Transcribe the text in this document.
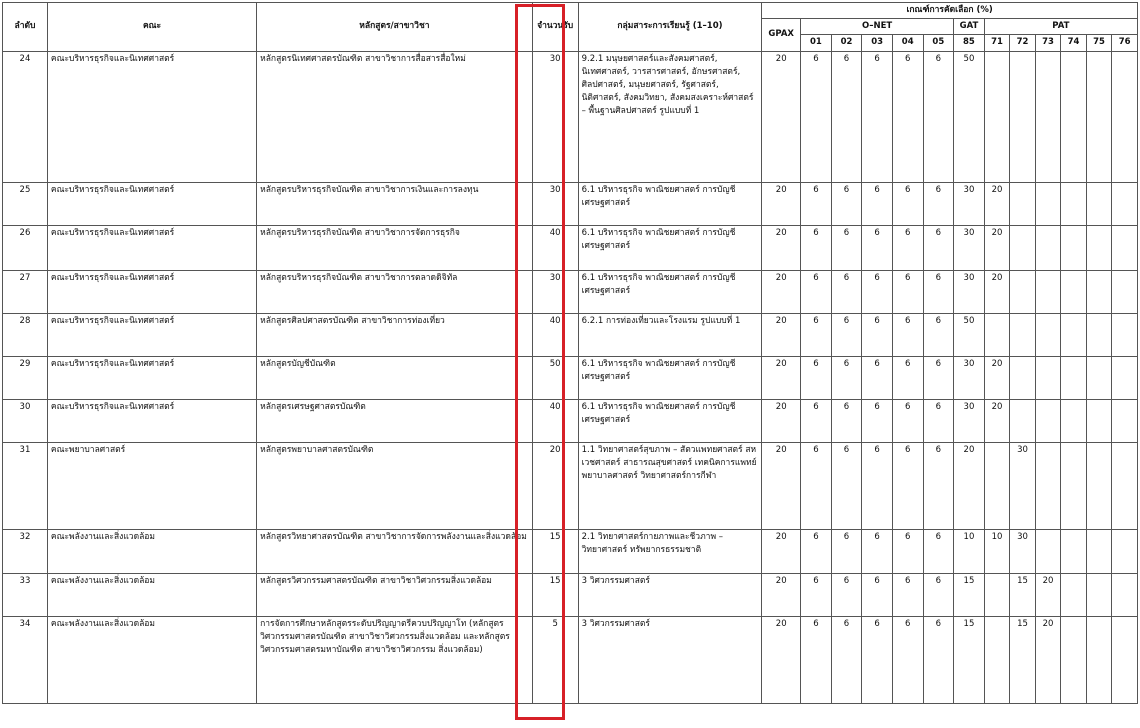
ลำดับ	คณะ	หลักสูตร/สาขาวิชา	จำนวนรับ	กลุ่มสาระการเรียนรู้ (1–10)	เกณฑ์การคัดเลือก (%)												
					GPAX	O–NET					GAT	PAT					
						01	02	03	04	05	85	71	72	73	74	75	76
24	คณะบริหารธุรกิจและนิเทศศาสตร์	หลักสูตรนิเทศศาสตรบัณฑิต สาขาวิชาการสื่อสารสื่อใหม่	30	9.2.1 มนุษยศาสตร์และสังคมศาสตร์, นิเทศศาสตร์, วารสารศาสตร์, อักษรศาสตร์, ศิลปศาสตร์, มนุษยศาสตร์, รัฐศาสตร์, นิติศาสตร์, สังคมวิทยา, สังคมสงเคราะห์ศาสตร์ – พื้นฐานศิลปศาสตร์ รูปแบบที่ 1	20	6	6	6	6	6	50						
25	คณะบริหารธุรกิจและนิเทศศาสตร์	หลักสูตรบริหารธุรกิจบัณฑิต สาขาวิชาการเงินและการลงทุน	30	6.1 บริหารธุรกิจ พาณิชยศาสตร์ การบัญชี เศรษฐศาสตร์	20	6	6	6	6	6	30	20					
26	คณะบริหารธุรกิจและนิเทศศาสตร์	หลักสูตรบริหารธุรกิจบัณฑิต สาขาวิชาการจัดการธุรกิจ	40	6.1 บริหารธุรกิจ พาณิชยศาสตร์ การบัญชี เศรษฐศาสตร์	20	6	6	6	6	6	30	20					
27	คณะบริหารธุรกิจและนิเทศศาสตร์	หลักสูตรบริหารธุรกิจบัณฑิต สาขาวิชาการตลาดดิจิทัล	30	6.1 บริหารธุรกิจ พาณิชยศาสตร์ การบัญชี เศรษฐศาสตร์	20	6	6	6	6	6	30	20					
28	คณะบริหารธุรกิจและนิเทศศาสตร์	หลักสูตรศิลปศาสตรบัณฑิต สาขาวิชาการท่องเที่ยว	40	6.2.1 การท่องเที่ยวและโรงแรม รูปแบบที่ 1	20	6	6	6	6	6	50						
29	คณะบริหารธุรกิจและนิเทศศาสตร์	หลักสูตรบัญชีบัณฑิต	50	6.1 บริหารธุรกิจ พาณิชยศาสตร์ การบัญชี เศรษฐศาสตร์	20	6	6	6	6	6	30	20					
30	คณะบริหารธุรกิจและนิเทศศาสตร์	หลักสูตรเศรษฐศาสตรบัณฑิต	40	6.1 บริหารธุรกิจ พาณิชยศาสตร์ การบัญชี เศรษฐศาสตร์	20	6	6	6	6	6	30	20					
31	คณะพยาบาลศาสตร์	หลักสูตรพยาบาลศาสตรบัณฑิต	20	1.1 วิทยาศาสตร์สุขภาพ – สัตวแพทยศาสตร์ สหเวชศาสตร์ สาธารณสุขศาสตร์ เทคนิคการแพทย์ พยาบาลศาสตร์ วิทยาศาสตร์การกีฬา	20	6	6	6	6	6	20		30				
32	คณะพลังงานและสิ่งแวดล้อม	หลักสูตรวิทยาศาสตรบัณฑิต สาขาวิชาการจัดการพลังงานและสิ่งแวดล้อม	15	2.1 วิทยาศาสตร์กายภาพและชีวภาพ – วิทยาศาสตร์ ทรัพยากรธรรมชาติ	20	6	6	6	6	6	10	10	30				
33	คณะพลังงานและสิ่งแวดล้อม	หลักสูตรวิศวกรรมศาสตรบัณฑิต สาขาวิชาวิศวกรรมสิ่งแวดล้อม	15	3 วิศวกรรมศาสตร์	20	6	6	6	6	6	15		15	20			
34	คณะพลังงานและสิ่งแวดล้อม	การจัดการศึกษาหลักสูตรระดับปริญญาตรีควบปริญญาโท (หลักสูตรวิศวกรรมศาสตรบัณฑิต สาขาวิชาวิศวกรรมสิ่งแวดล้อม และหลักสูตรวิศวกรรมศาสตรมหาบัณฑิต สาขาวิชาวิศวกรรม สิ่งแวดล้อม)	5	3 วิศวกรรมศาสตร์	20	6	6	6	6	6	15		15	20			
